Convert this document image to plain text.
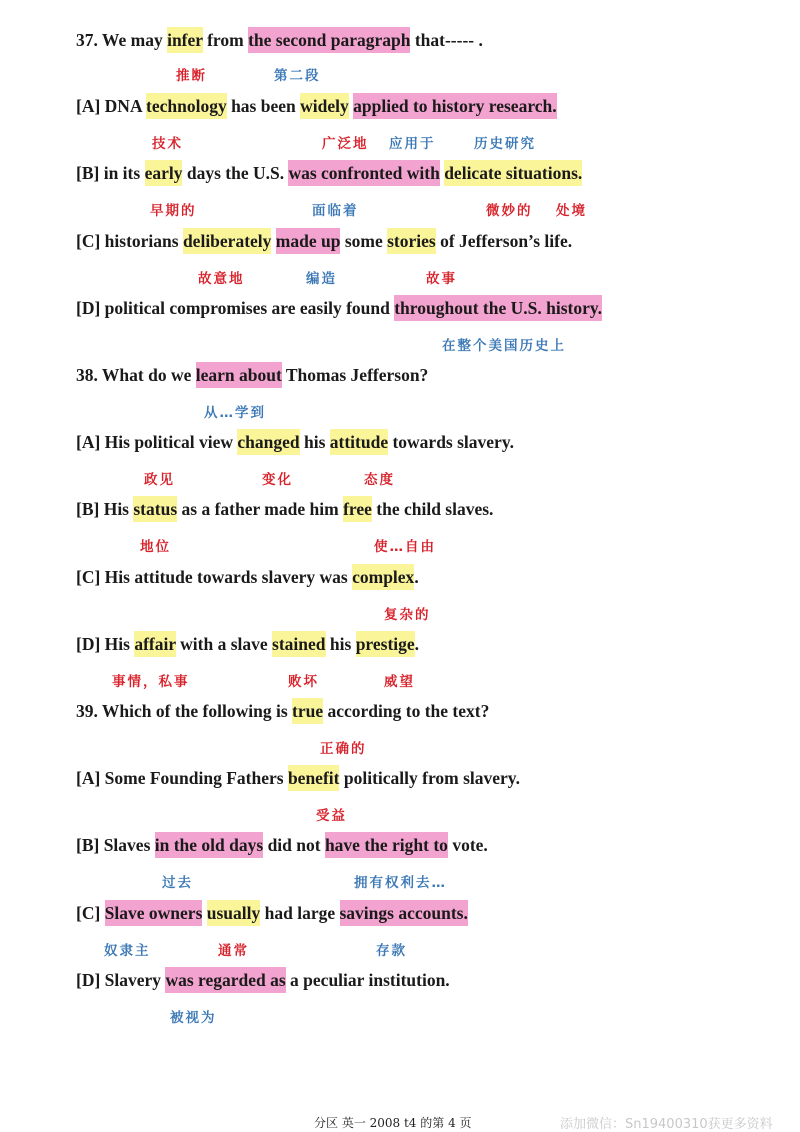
37. We may infer from the second paragraph that----- .
推断	第二段
[A] DNA technology has been widely applied to history research.
技术	广泛地 应用于	历史研究
[B] in its early days the U.S. was confronted with delicate situations.
早期的	面临着	微妙的 处境
[C] historians deliberately made up some stories of Jefferson’s life.
故意地	编造	故事
[D] political compromises are easily found throughout the U.S. history.
在整个美国历史上
38. What do we learn about Thomas Jefferson?
从…学到
[A] His political view changed his attitude towards slavery.
政见	变化	态度
[B] His status as a father made him free the child slaves.
地位	使…自由
[C] His attitude towards slavery was complex.
复杂的
[D] His affair with a slave stained his prestige.
事情，私事	败坏	威望
39. Which of the following is true according to the text?
正确的
[A] Some Founding Fathers benefit politically from slavery.
受益
[B] Slaves in the old days did not have the right to vote.
过去	拥有权利去…
[C] Slave owners usually had large savings accounts.
奴隶主	通常	存款
[D] Slavery was regarded as a peculiar institution.
被视为
分区 英一 2008 t4 的第 4 页	添加微信：Sn19400310获更多资料
